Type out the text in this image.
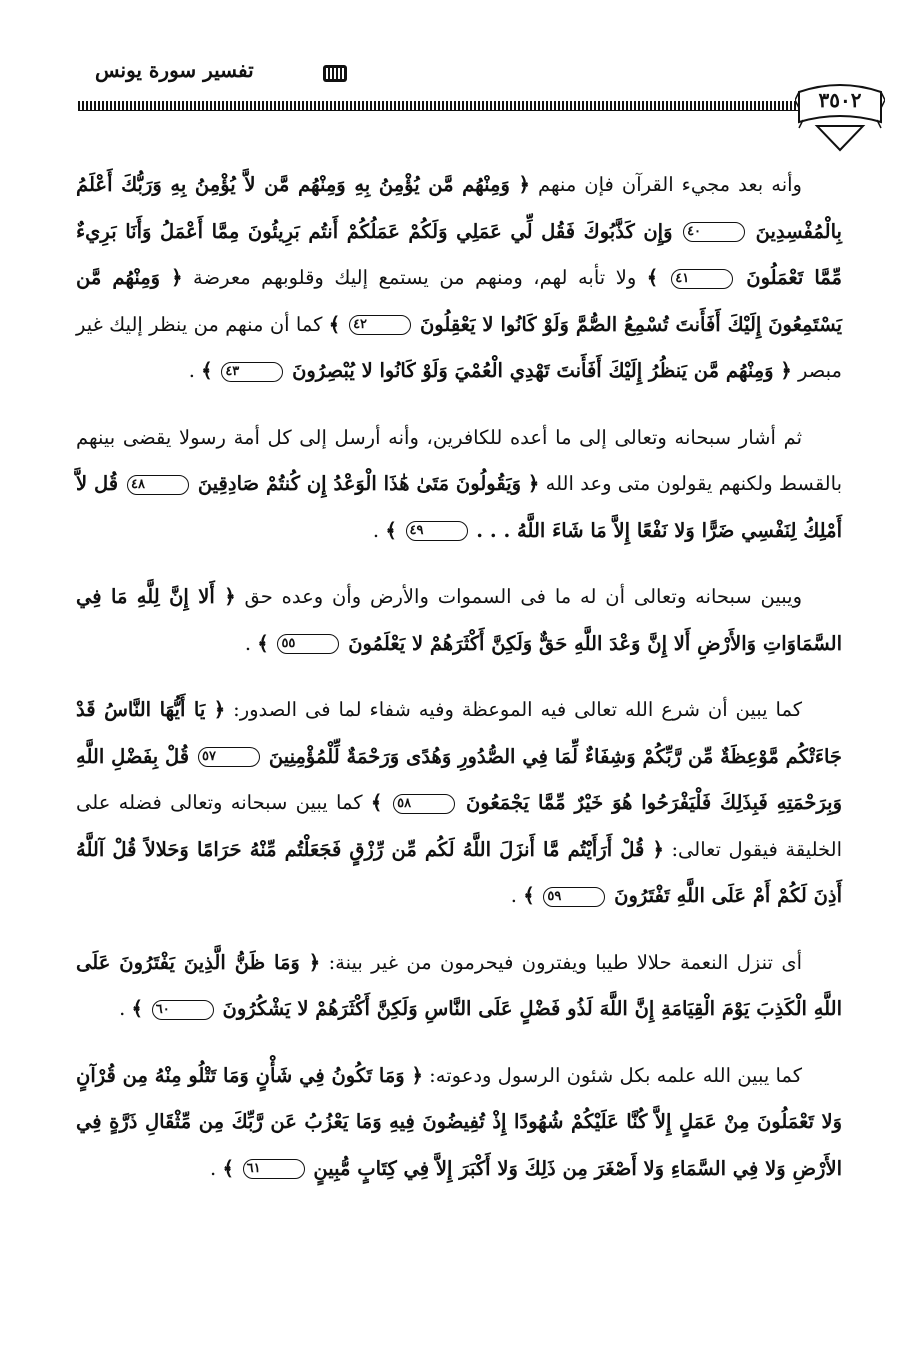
تفسير سورة يونس
٣٥٠٢

وأنه بعد مجيء القرآن فإن منهم ﴿ وَمِنْهُم مَّن يُؤْمِنُ بِهِ وَمِنْهُم مَّن لاَّ يُؤْمِنُ بِهِ وَرَبُّكَ أَعْلَمُ بِالْمُفْسِدِينَ ٤٠ وَإِن كَذَّبُوكَ فَقُل لِّي عَمَلِي وَلَكُمْ عَمَلُكُمْ أَنتُم بَرِيئُونَ مِمَّا أَعْمَلُ وَأَنَا بَرِيءٌ مِّمَّا تَعْمَلُونَ ٤١ ﴾ ولا تأبه لهم، ومنهم من يستمع إليك وقلوبهم معرضة ﴿ وَمِنْهُم مَّن يَسْتَمِعُونَ إِلَيْكَ أَفَأَنتَ تُسْمِعُ الصُّمَّ وَلَوْ كَانُوا لا يَعْقِلُونَ ٤٢ ﴾ كما أن منهم من ينظر إليك غير مبصر ﴿ وَمِنْهُم مَّن يَنظُرُ إِلَيْكَ أَفَأَنتَ تَهْدِي الْعُمْيَ وَلَوْ كَانُوا لا يُبْصِرُونَ ٤٣ ﴾ .

ثم أشار سبحانه وتعالى إلى ما أعده للكافرين، وأنه أرسل إلى كل أمة رسولا يقضى بينهم بالقسط ولكنهم يقولون متى وعد الله ﴿ وَيَقُولُونَ مَتَىٰ هَٰذَا الْوَعْدُ إِن كُنتُمْ صَادِقِينَ ٤٨ قُل لاَّ أَمْلِكُ لِنَفْسِي ضَرًّا وَلا نَفْعًا إِلاَّ مَا شَاءَ اللَّهُ . . . ٤٩ ﴾ .

ويبين سبحانه وتعالى أن له ما فى السموات والأرض وأن وعده حق ﴿ أَلا إِنَّ لِلَّهِ مَا فِي السَّمَاوَاتِ وَالأَرْضِ أَلا إِنَّ وَعْدَ اللَّهِ حَقٌّ وَلَكِنَّ أَكْثَرَهُمْ لا يَعْلَمُونَ ٥٥ ﴾ .

كما يبين أن شرع الله تعالى فيه الموعظة وفيه شفاء لما فى الصدور: ﴿ يَا أَيُّهَا النَّاسُ قَدْ جَاءَتْكُم مَّوْعِظَةٌ مِّن رَّبِّكُمْ وَشِفَاءٌ لِّمَا فِي الصُّدُورِ وَهُدًى وَرَحْمَةٌ لِّلْمُؤْمِنِينَ ٥٧ قُلْ بِفَضْلِ اللَّهِ وَبِرَحْمَتِهِ فَبِذَلِكَ فَلْيَفْرَحُوا هُوَ خَيْرٌ مِّمَّا يَجْمَعُونَ ٥٨ ﴾ كما يبين سبحانه وتعالى فضله على الخليقة فيقول تعالى: ﴿ قُلْ أَرَأَيْتُم مَّا أَنزَلَ اللَّهُ لَكُم مِّن رِّزْقٍ فَجَعَلْتُم مِّنْهُ حَرَامًا وَحَلالاً قُلْ آللَّهُ أَذِنَ لَكُمْ أَمْ عَلَى اللَّهِ تَفْتَرُونَ ٥٩ ﴾ .

أى تنزل النعمة حلالا طيبا ويفترون فيحرمون من غير بينة: ﴿ وَمَا ظَنُّ الَّذِينَ يَفْتَرُونَ عَلَى اللَّهِ الْكَذِبَ يَوْمَ الْقِيَامَةِ إِنَّ اللَّهَ لَذُو فَضْلٍ عَلَى النَّاسِ وَلَكِنَّ أَكْثَرَهُمْ لا يَشْكُرُونَ ٦٠ ﴾ .

كما يبين الله علمه بكل شئون الرسول ودعوته: ﴿ وَمَا تَكُونُ فِي شَأْنٍ وَمَا تَتْلُو مِنْهُ مِن قُرْآنٍ وَلا تَعْمَلُونَ مِنْ عَمَلٍ إِلاَّ كُنَّا عَلَيْكُمْ شُهُودًا إِذْ تُفِيضُونَ فِيهِ وَمَا يَعْزُبُ عَن رَّبِّكَ مِن مِّثْقَالِ ذَرَّةٍ فِي الأَرْضِ وَلا فِي السَّمَاءِ وَلا أَصْغَرَ مِن ذَلِكَ وَلا أَكْبَرَ إِلاَّ فِي كِتَابٍ مُّبِينٍ ٦١ ﴾ .
